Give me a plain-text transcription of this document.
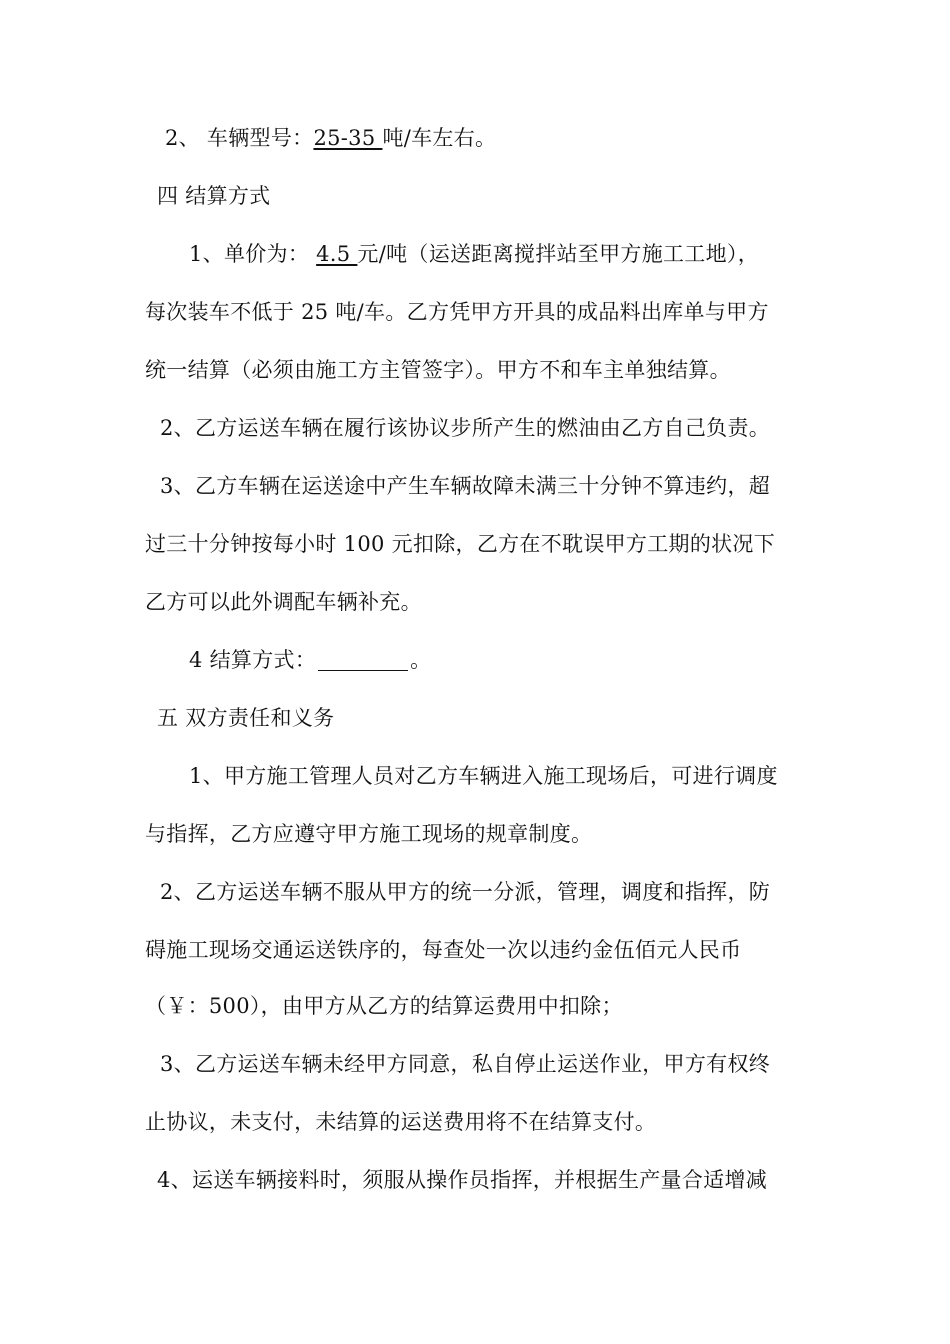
2、 车辆型号：25-35 吨/车左右。
四 结算方式
1、单价为： 4.5 元/吨（运送距离搅拌站至甲方施工工地），
每次装车不低于 25 吨/车。乙方凭甲方开具的成品料出库单与甲方
统一结算（必须由施工方主管签字）。甲方不和车主单独结算。
2、乙方运送车辆在履行该协议步所产生的燃油由乙方自己负责。
3、乙方车辆在运送途中产生车辆故障未满三十分钟不算违约，超
过三十分钟按每小时 100 元扣除，乙方在不耽误甲方工期的状况下
乙方可以此外调配车辆补充。
4 结算方式：	。
五 双方责任和义务
1、甲方施工管理人员对乙方车辆进入施工现场后，可进行调度
与指挥，乙方应遵守甲方施工现场的规章制度。
2、乙方运送车辆不服从甲方的统一分派，管理，调度和指挥，防
碍施工现场交通运送铁序的，每查处一次以违约金伍佰元人民币
（￥：500），由甲方从乙方的结算运费用中扣除；
3、乙方运送车辆未经甲方同意，私自停止运送作业，甲方有权终
止协议，未支付，未结算的运送费用将不在结算支付。
4、运送车辆接料时，须服从操作员指挥，并根据生产量合适增减
